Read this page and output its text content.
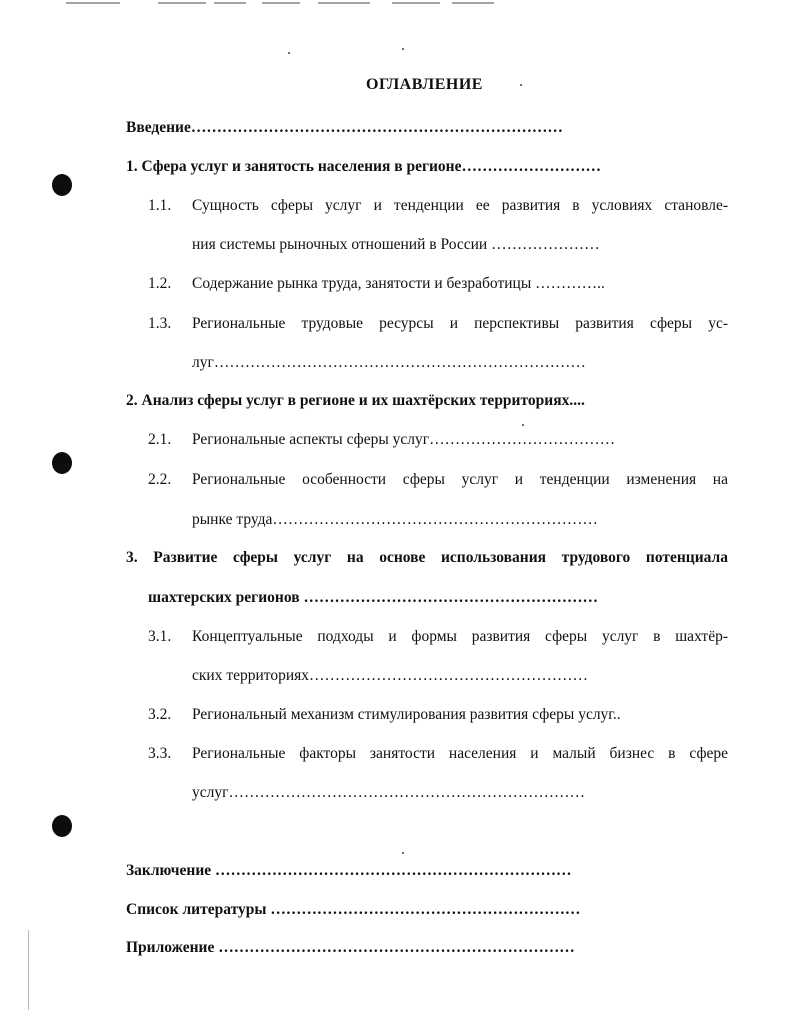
ОГЛАВЛЕНИЕ
Введение………………………………………………………………
1. Сфера услуг и занятость населения в регионе………………………
1.1. Сущность сферы услуг и тенденции ее развития в условиях становле-
ния системы рыночных отношений в России …………………
1.2. Содержание рынка труда, занятости и безработицы …………..
1.3. Региональные трудовые ресурсы и перспективы развития сферы ус-
луг………………………………………………………………
2. Анализ сферы услуг в регионе и их шахтёрских территориях....
2.1. Региональные аспекты сферы услуг………………………………
2.2. Региональные особенности сферы услуг и тенденции изменения на
рынке труда………………………………………………………
3. Развитие сферы услуг на основе использования трудового потенциала
шахтерских регионов …………………………………………………
3.1. Концептуальные подходы и формы развития сферы услуг в шахтёр-
ских территориях………………………………………………
3.2. Региональный механизм стимулирования развития сферы услуг..
3.3. Региональные факторы занятости населения и малый бизнес в сфере
услуг……………………………………………………………
Заключение ……………………………………………………………
Список литературы ……………………………………………………
Приложение ……………………………………………………………
